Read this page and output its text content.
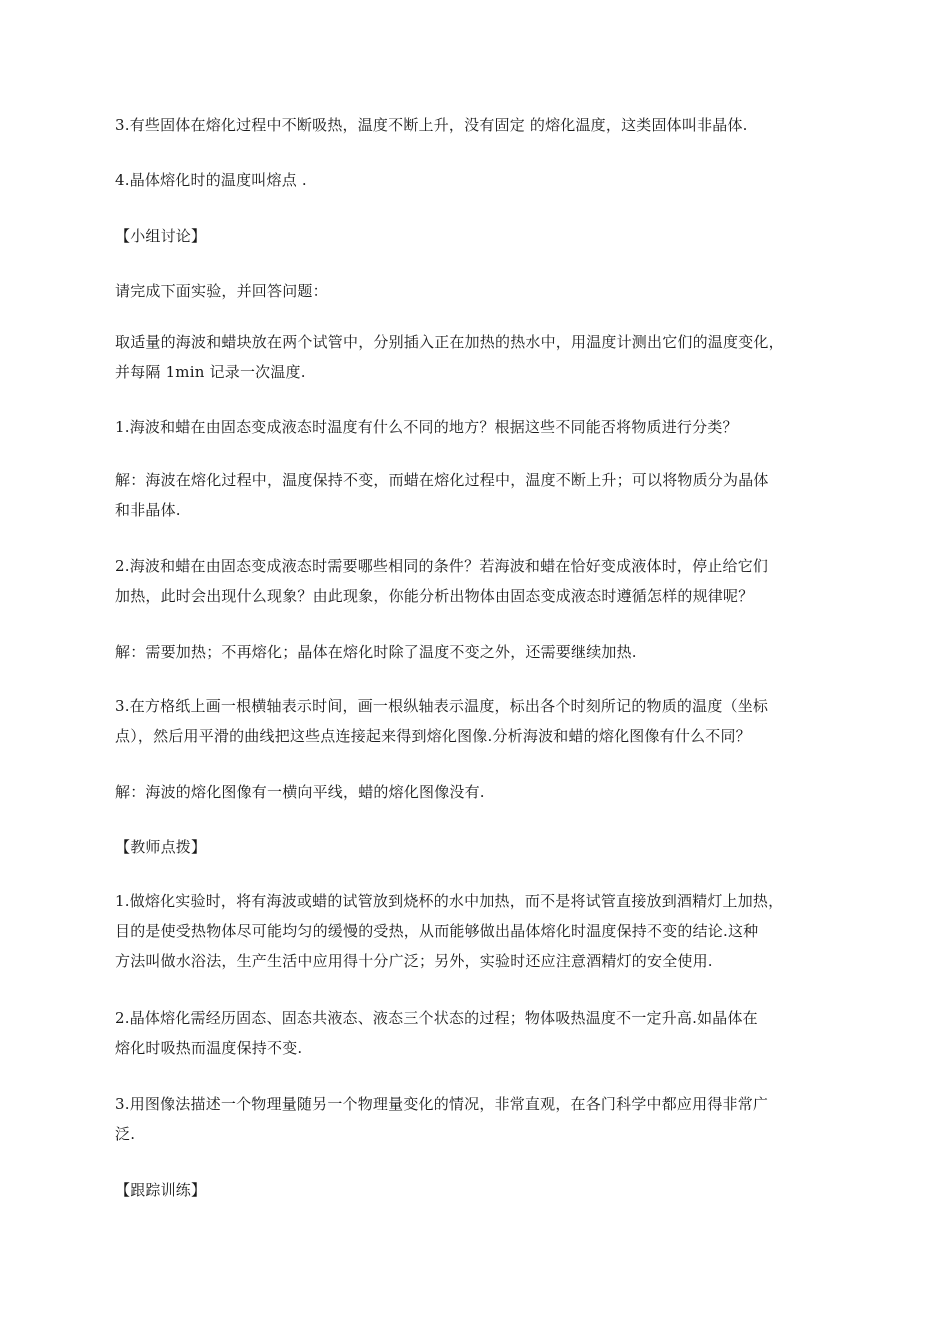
3.有些固体在熔化过程中不断吸热，温度不断上升，没有固定 的熔化温度，这类固体叫非晶体.
4.晶体熔化时的温度叫熔点 .
【小组讨论】
请完成下面实验，并回答问题：
取适量的海波和蜡块放在两个试管中，分别插入正在加热的热水中，用温度计测出它们的温度变化，
并每隔 1min 记录一次温度.
1.海波和蜡在由固态变成液态时温度有什么不同的地方？根据这些不同能否将物质进行分类？
解：海波在熔化过程中，温度保持不变，而蜡在熔化过程中，温度不断上升；可以将物质分为晶体
和非晶体.
2.海波和蜡在由固态变成液态时需要哪些相同的条件？若海波和蜡在恰好变成液体时，停止给它们
加热，此时会出现什么现象？由此现象，你能分析出物体由固态变成液态时遵循怎样的规律呢？
解：需要加热；不再熔化；晶体在熔化时除了温度不变之外，还需要继续加热.
3.在方格纸上画一根横轴表示时间，画一根纵轴表示温度，标出各个时刻所记的物质的温度（坐标
点），然后用平滑的曲线把这些点连接起来得到熔化图像.分析海波和蜡的熔化图像有什么不同？
解：海波的熔化图像有一横向平线，蜡的熔化图像没有.
【教师点拨】
1.做熔化实验时，将有海波或蜡的试管放到烧杯的水中加热，而不是将试管直接放到酒精灯上加热，
目的是使受热物体尽可能均匀的缓慢的受热，从而能够做出晶体熔化时温度保持不变的结论.这种
方法叫做水浴法，生产生活中应用得十分广泛；另外，实验时还应注意酒精灯的安全使用.
2.晶体熔化需经历固态、固态共液态、液态三个状态的过程；物体吸热温度不一定升高.如晶体在
熔化时吸热而温度保持不变.
3.用图像法描述一个物理量随另一个物理量变化的情况，非常直观，在各门科学中都应用得非常广
泛.
【跟踪训练】
